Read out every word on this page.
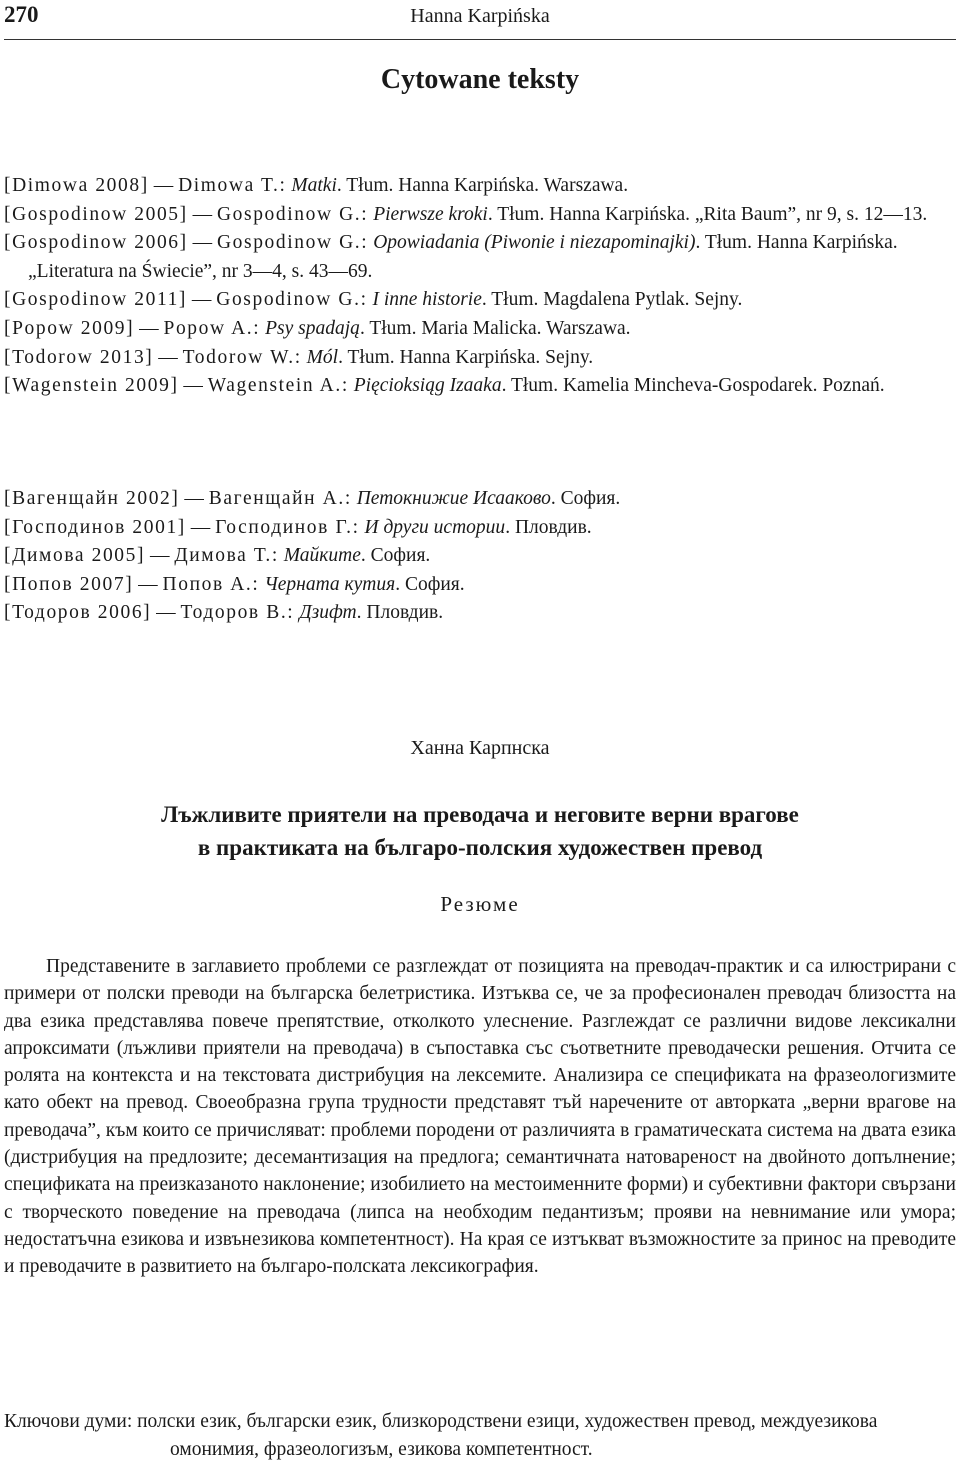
270	Hanna Karpińska
Cytowane teksty

[Dimowa 2008] — Dimowa T.: Matki. Tłum. Hanna Karpińska. Warszawa.

[Gospodinow 2005] — Gospodinow G.: Pierwsze kroki. Tłum. Hanna Karpińska. „Rita Baum”, nr 9, s. 12—13.

[Gospodinow 2006] — Gospodinow G.: Opowiadania (Piwonie i niezapominajki). Tłum. Hanna Karpińska. „Literatura na Świecie”, nr 3—4, s. 43—69.

[Gospodinow 2011] — Gospodinow G.: I inne historie. Tłum. Magdalena Pytlak. Sejny.

[Popow 2009] — Popow A.: Psy spadają. Tłum. Maria Malicka. Warszawa.

[Todorow 2013] — Todorow W.: Mól. Tłum. Hanna Karpińska. Sejny.

[Wagenstein 2009] — Wagenstein A.: Pięcioksiąg Izaaka. Tłum. Kamelia Mincheva-Gospodarek. Poznań.

[Вагенщайн 2002] — Вагенщайн А.: Петокнижие Исааково. София.

[Господинов 2001] — Господинов Г.: И други истории. Пловдив.

[Димова 2005] — Димова Т.: Майките. София.

[Попов 2007] — Попов А.: Черната кутия. София.

[Тодоров 2006] — Тодоров В.: Дзифт. Пловдив.

Ханна Карпнска
Лъжливите приятели на преводача и неговите верни врагове
в практиката на българо-полския художествен превод
Резюме

Представените в заглавието проблеми се разглеждат от позицията на преводач-практик и са илюстрирани с примери от полски преводи на българска белетристика. Изтъква се, че за професионален преводач близостта на два езика представлява повече препятствие, отколкото улеснение. Разглеждат се различни видове лексикални апроксимати (лъжливи приятели на преводача) в съпоставка със съответните преводачески решения. Отчита се ролята на контекста и на текстовата дистрибуция на лексемите. Анализира се спецификата на фразеологизмите като обект на превод. Своеобразна група трудности представят тъй наречените от авторката „верни врагове на преводача”, към които се причисляват: проблеми породени от различията в граматическата система на двата езика (дистрибуция на предлозите; десемантизация на предлога; семантичната натовареност на двойното допълнение; спецификата на преизказаното наклонение; изобилието на местоименните форми) и субективни фактори свързани с творческото поведение на преводача (липса на необходим педантизъм; прояви на невнимание или умора; недостатъчна езикова и извънезикова компетентност). На края се изтъкват възможностите за принос на преводите и преводачите в развитието на българо-полската лексикография.

Ключови думи: полски език, български език, близкородствени езици, художествен превод, междуезикова омонимия, фразеологизъм, езикова компетентност.
